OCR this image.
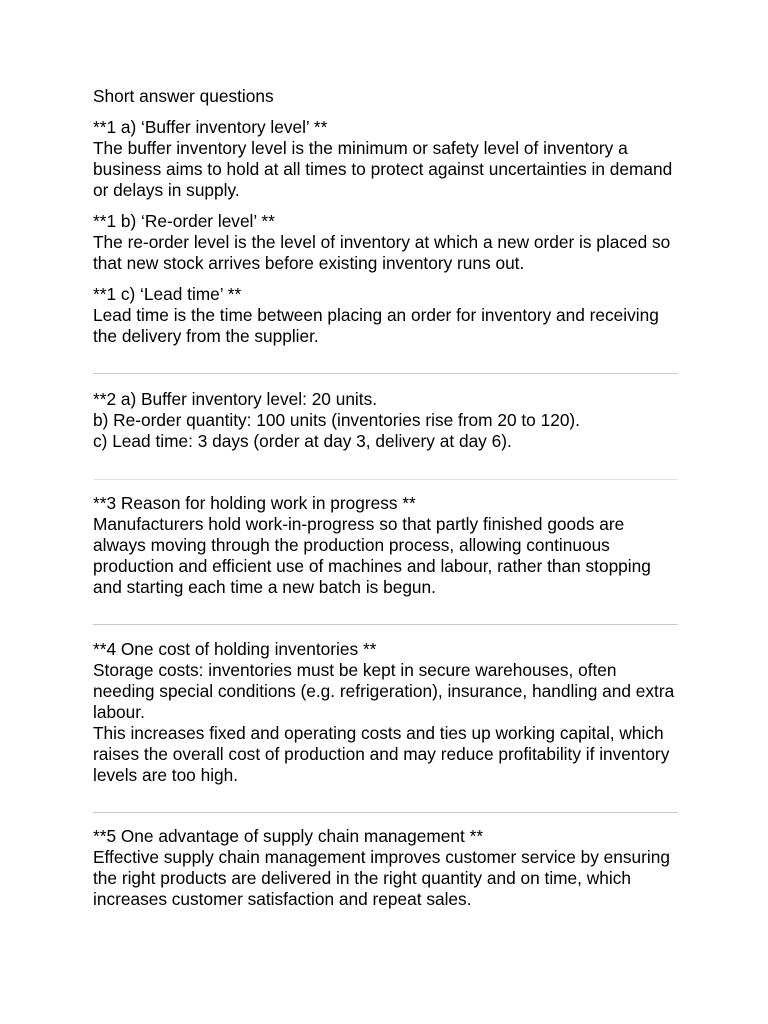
Short answer questions

**1 a) ‘Buffer inventory level’ **

The buffer inventory level is the minimum or safety level of inventory a business aims to hold at all times to protect against uncertainties in demand or delays in supply.

**1 b) ‘Re-order level’ **

The re-order level is the level of inventory at which a new order is placed so that new stock arrives before existing inventory runs out.

**1 c) ‘Lead time’ **

Lead time is the time between placing an order for inventory and receiving the delivery from the supplier.

**2 a) Buffer inventory level: 20 units.

b) Re-order quantity: 100 units (inventories rise from 20 to 120).

c) Lead time: 3 days (order at day 3, delivery at day 6).

**3 Reason for holding work in progress **

Manufacturers hold work-in-progress so that partly finished goods are always moving through the production process, allowing continuous production and efficient use of machines and labour, rather than stopping and starting each time a new batch is begun.

**4 One cost of holding inventories **

Storage costs: inventories must be kept in secure warehouses, often needing special conditions (e.g. refrigeration), insurance, handling and extra labour.

This increases fixed and operating costs and ties up working capital, which raises the overall cost of production and may reduce profitability if inventory levels are too high.

**5 One advantage of supply chain management **

Effective supply chain management improves customer service by ensuring the right products are delivered in the right quantity and on time, which increases customer satisfaction and repeat sales.
